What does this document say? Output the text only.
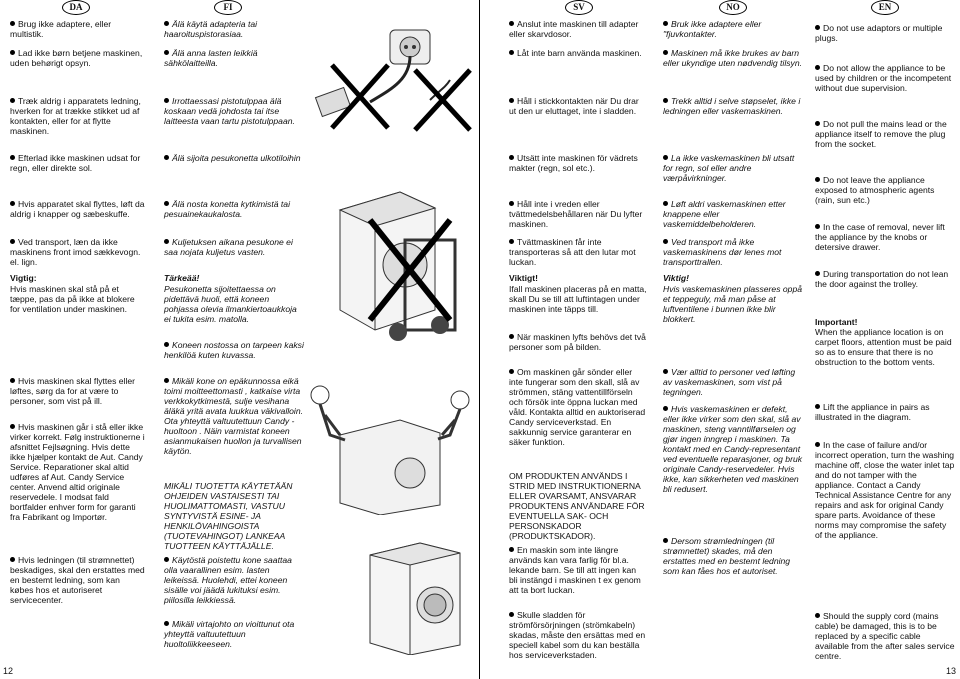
DA	FI	SV	NO	EN
Brug ikke adaptere, eller multistik.
Lad ikke børn betjene maskinen, uden behørigt opsyn.
Træk aldrig i apparatets ledning, hverken for at trække stikket ud af kontakten, eller for at flytte maskinen.
Efterlad ikke maskinen udsat for regn, eller direkte sol.
Hvis apparatet skal flyttes, løft da aldrig i knapper og sæbeskuffe.
Ved transport, læn da ikke maskinens front imod sækkevogn. el. lign.
Vigtig:
Hvis maskinen skal stå på et tæppe, pas da på ikke at blokere for ventilation under maskinen.
Hvis maskinen skal flyttes eller løftes, sørg da for at være to personer, som vist på ill.
Hvis maskinen går i stå eller ikke virker korrekt. Følg instruktionerne i afsnittet Fejlsøgning. Hvis dette ikke hjælper kontakt de Aut. Candy Service. Reparationer skal altid udføres af Aut. Candy Service center. Anvend altid originale reservedele. I modsat fald bortfalder enhver form for garanti fra Fabrikant og Importør.
Hvis ledningen (til strømnettet) beskadiges, skal den erstattes med en bestemt ledning, som kan købes hos et autoriseret servicecenter.
Älä käytä adapteria tai haaroituspistorasiaa.
Älä anna lasten leikkiä sähkölaitteilla.
Irrottaessasi pistotulppaa älä koskaan vedä johdosta tai itse laitteesta vaan tartu pistotulppaan.
Älä sijoita pesukonetta ulkotiloihin
Älä nosta konetta kytkimistä tai pesuainekaukalosta.
Kuljetuksen aikana pesukone ei saa nojata kuljetus vasten.
Tärkeää!
Pesukonetta sijoitettaessa on pidettävä huoli, että koneen pohjassa olevia ilmankiertoaukkoja ei tukita esim. matolla.
Koneen nostossa on tarpeen kaksi henkilöä kuten kuvassa.
Mikäli kone on epäkunnossa eikä toimi moitteettomasti , katkaise virta verkkokytkimestä, sulje vesihana äläkä yritä avata luukkua väkivalloin. Ota yhteyttä valtuutettuun Candy - huoltoon . Näin varmistat koneen asianmukaisen huollon ja turvallisen käytön.
MIKÄLI TUOTETTA KÄYTETÄÄN OHJEIDEN VASTAISESTI TAI HUOLIMATTOMASTI, VASTUU SYNTYVISTÄ ESINE- JA HENKILÖVAHINGOISTA (TUOTEVAHINGOT) LANKEAA TUOTTEEN KÄYTTÄJÄLLE.
Käytöstä poistettu kone saattaa olla vaarallinen esim. lasten leikeissä. Huolehdi, ettei koneen sisälle voi jäädä lukituksi esim. piilosilla leikkiessä.
Mikäli virtajohto on vioittunut ota yhteyttä valtuutettuun huoltoliikkeeseen.
Anslut inte maskinen till adapter eller skarvdosor.
Låt inte barn använda maskinen.
Håll i stickkontakten när Du drar ut den ur eluttaget, inte i sladden.
Utsätt inte maskinen för vädrets makter (regn, sol etc.).
Håll inte i vreden eller tvättmedelsbehållaren när Du lyfter maskinen.
Tvättmaskinen får inte transporteras så att den lutar mot luckan.
Viktigt!
Ifall maskinen placeras på en matta, skall Du se till att luftintagen under maskinen inte täpps till.
När maskinen lyfts behövs det två personer som på bilden.
Om maskinen går sönder eller inte fungerar som den skall, slå av strömmen, stäng vattentillförseln och försök inte öppna luckan med våld. Kontakta alltid en auktoriserad Candy serviceverkstad. En sakkunnig service garanterar en säker funktion.
OM PRODUKTEN ANVÄNDS I STRID MED INSTRUKTIONERNA ELLER OVARSAMT, ANSVARAR PRODUKTENS ANVÄNDARE FÖR EVENTUELLA SAK- OCH PERSONSKADOR (PRODUKTSKADOR).
En maskin som inte längre används kan vara farlig för bl.a. lekande barn. Se till att ingen kan bli instängd i maskinen t ex genom att ta bort luckan.
Skulle sladden för strömförsörjningen (strömkabeln) skadas, måste den ersättas med en speciell kabel som du kan beställa hos serviceverkstaden.
Bruk ikke adaptere eller "fjuvkontakter.
Maskinen må ikke brukes av barn eller ukyndige uten nødvendig tilsyn.
Trekk alltid i selve støpselet, ikke i ledningen eller vaskemaskinen.
La ikke vaskemaskinen bli utsatt for regn, sol eller andre værpåvirkninger.
Løft aldri vaskemaskinen etter knappene eller vaskemiddelbeholderen.
Ved transport må ikke vaskemaskinens dør lenes mot transporttrallen.
Viktig!
Hvis vaskemaskinen plasseres oppå et teppeguly, må man påse at luftventilene i bunnen ikke blir blokkert.
Vær alltid to personer ved løfting av vaskemaskinen, som vist på tegningen.
Hvis vaskemaskinen er defekt, eller ikke virker som den skal, slå av maskinen, steng vanntilførselen og gjør ingen inngrep i maskinen. Ta kontakt med en Candy-representant ved eventuelle reparasjoner, og bruk originale Candy-reservedeler. Hvis ikke, kan sikkerheten ved maskinen bli redusert.
Dersom strømledningen (til strømnettet) skades, må den erstattes med en bestemt ledning som kan fåes hos et autoriset.
Do not use adaptors or multiple plugs.
Do not allow the appliance to be used by children or the incompetent without due supervision.
Do not pull the mains lead or the appliance itself to remove the plug from the socket.
Do not leave the appliance exposed to atmospheric agents (rain, sun etc.)
In the case of removal, never lift the appliance by the knobs or detersive drawer.
During transportation do not lean the door against the trolley.
Important!
When the appliance location is on carpet floors, attention must be paid so as to ensure that there is no obstruction to the bottom vents.
Lift the appliance in pairs as illustrated in the diagram.
In the case of failure and/or incorrect operation, turn the washing machine off, close the water inlet tap and do not tamper with the appliance. Contact a Candy Technical Assistance Centre for any repairs and ask for original Candy spare parts. Avoidance of these norms may compromise the safety of the appliance.
Should the supply cord (mains cable) be damaged, this is to be replaced by a specific cable available from the after sales service centre.
12	13
